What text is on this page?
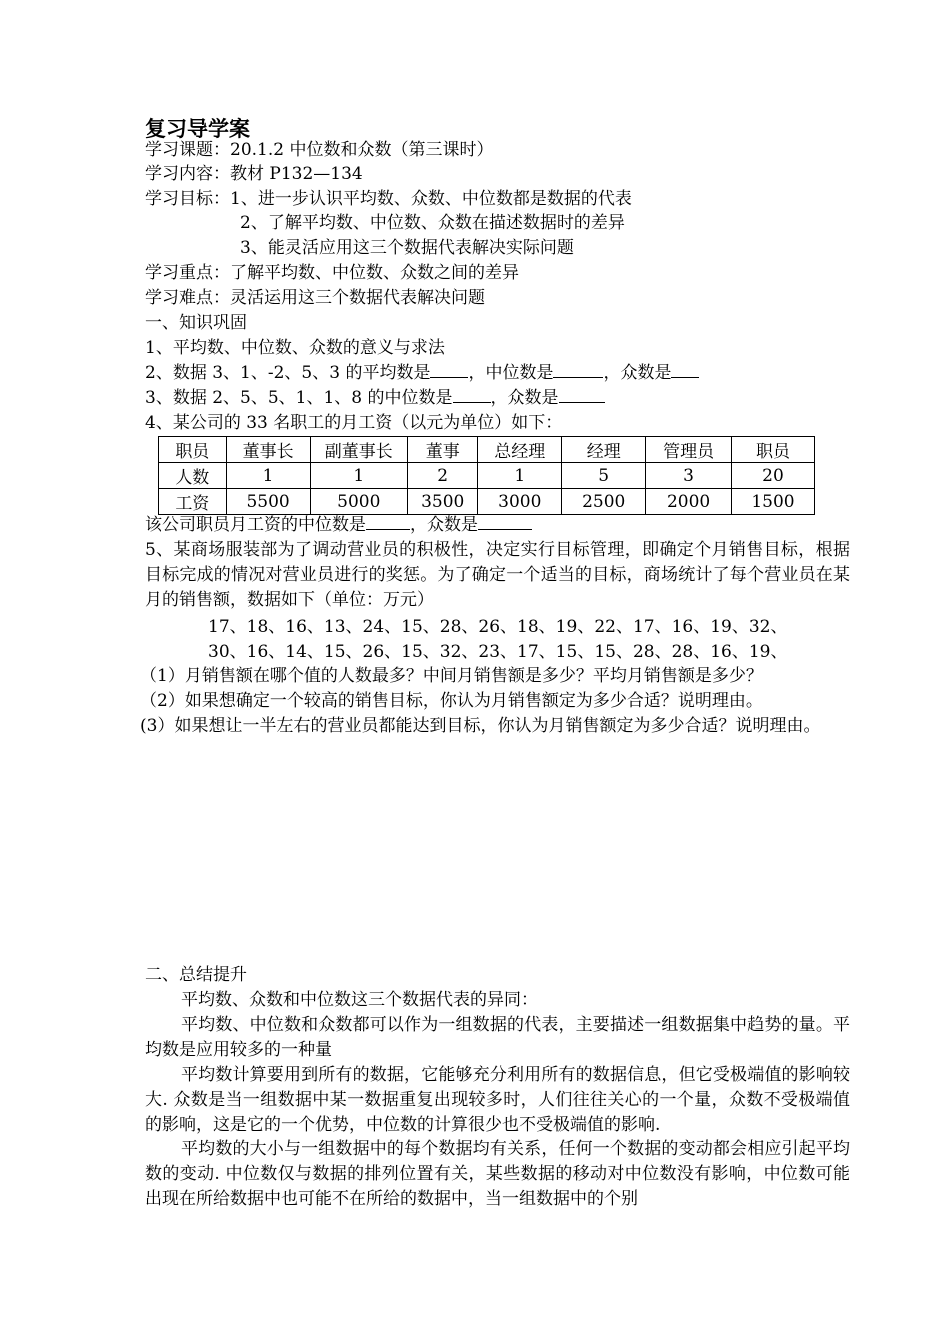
复习导学案
学习课题：20.1.2 中位数和众数（第三课时）
学习内容：教材 P132—134
学习目标：1、进一步认识平均数、众数、中位数都是数据的代表
2、了解平均数、中位数、众数在描述数据时的差异
3、能灵活应用这三个数据代表解决实际问题
学习重点：了解平均数、中位数、众数之间的差异
学习难点：灵活运用这三个数据代表解决问题
一、知识巩固
1、平均数、中位数、众数的意义与求法
2、数据 3、1、-2、5、3 的平均数是 ，中位数是	，众数是
3、数据 2、5、5、1、1、8 的中位数是 ，众数是
4、某公司的 33 名职工的月工资（以元为单位）如下：
职员	董事长	副董事长	董事	总经理	经理	管理员	职员
人数	1	1	2	1	5	3	20
工资	5500	5000	3500	3000	2500	2000	1500
该公司职员月工资的中位数是	，众数是
5、某商场服装部为了调动营业员的积极性，决定实行目标管理，即确定个月销售目标，根据目标完成的情况对营业员进行的奖惩。为了确定一个适当的目标，商场统计了每个营业员在某月的销售额，数据如下（单位：万元）
17、18、16、13、24、15、28、26、18、19、22、17、16、19、32、
30、16、14、15、26、15、32、23、17、15、15、28、28、16、19、
（1）月销售额在哪个值的人数最多？中间月销售额是多少？平均月销售额是多少？
（2）如果想确定一个较高的销售目标，你认为月销售额定为多少合适？说明理由。
(3）如果想让一半左右的营业员都能达到目标，你认为月销售额定为多少合适？说明理由。
二、总结提升
平均数、众数和中位数这三个数据代表的异同：
平均数、中位数和众数都可以作为一组数据的代表，主要描述一组数据集中趋势的量。平均数是应用较多的一种量
平均数计算要用到所有的数据，它能够充分利用所有的数据信息，但它受极端值的影响较大. 众数是当一组数据中某一数据重复出现较多时，人们往往关心的一个量，众数不受极端值的影响，这是它的一个优势，中位数的计算很少也不受极端值的影响.
平均数的大小与一组数据中的每个数据均有关系，任何一个数据的变动都会相应引起平均数的变动. 中位数仅与数据的排列位置有关，某些数据的移动对中位数没有影响，中位数可能出现在所给数据中也可能不在所给的数据中，当一组数据中的个别
